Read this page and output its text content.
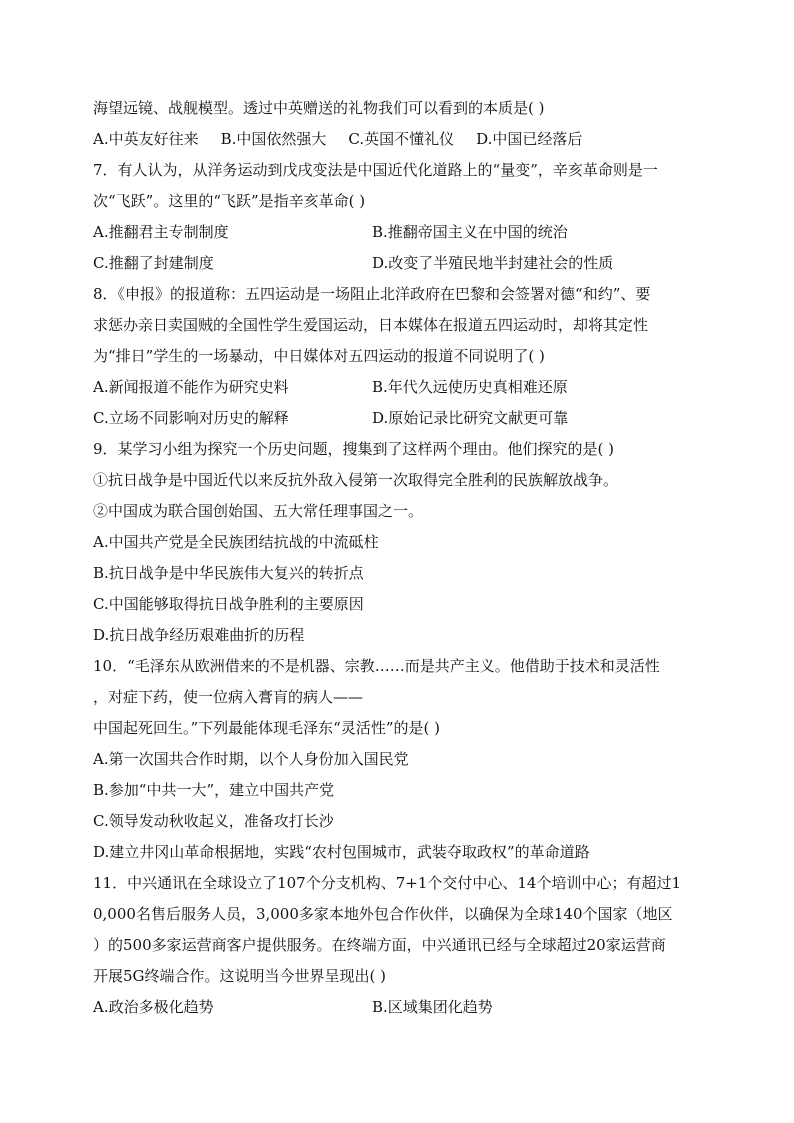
海望远镜、战舰模型。透过中英赠送的礼物我们可以看到的本质是( )
A.中英友好往来 B.中国依然强大 C.英国不懂礼仪 D.中国已经落后
7．有人认为，从洋务运动到戊戌变法是中国近代化道路上的“量变”，辛亥革命则是一
次“飞跃”。这里的“飞跃”是指辛亥革命( )
A.推翻君主专制制度	B.推翻帝国主义在中国的统治
C.推翻了封建制度	D.改变了半殖民地半封建社会的性质
8．《申报》的报道称：五四运动是一场阻止北洋政府在巴黎和会签署对德“和约”、要
求惩办亲日卖国贼的全国性学生爱国运动，日本媒体在报道五四运动时，却将其定性
为“排日”学生的一场暴动，中日媒体对五四运动的报道不同说明了( )
A.新闻报道不能作为研究史料	B.年代久远使历史真相难还原
C.立场不同影响对历史的解释	D.原始记录比研究文献更可靠
9．某学习小组为探究一个历史问题，搜集到了这样两个理由。他们探究的是( )
①抗日战争是中国近代以来反抗外敌入侵第一次取得完全胜利的民族解放战争。
②中国成为联合国创始国、五大常任理事国之一。
A.中国共产党是全民族团结抗战的中流砥柱
B.抗日战争是中华民族伟大复兴的转折点
C.中国能够取得抗日战争胜利的主要原因
D.抗日战争经历艰难曲折的历程
10．“毛泽东从欧洲借来的不是机器、宗教……而是共产主义。他借助于技术和灵活性
，对症下药，使一位病入膏肓的病人——
中国起死回生。”下列最能体现毛泽东“灵活性”的是( )
A.第一次国共合作时期，以个人身份加入国民党
B.参加“中共一大”，建立中国共产党
C.领导发动秋收起义，准备攻打长沙
D.建立井冈山革命根据地，实践“农村包围城市，武装夺取政权”的革命道路
11．中兴通讯在全球设立了107个分支机构、7+1个交付中心、14个培训中心；有超过1
0,000名售后服务人员，3,000多家本地外包合作伙伴，以确保为全球140个国家（地区
）的500多家运营商客户提供服务。在终端方面，中兴通讯已经与全球超过20家运营商
开展5G终端合作。这说明当今世界呈现出( )
A.政治多极化趋势	B.区域集团化趋势
